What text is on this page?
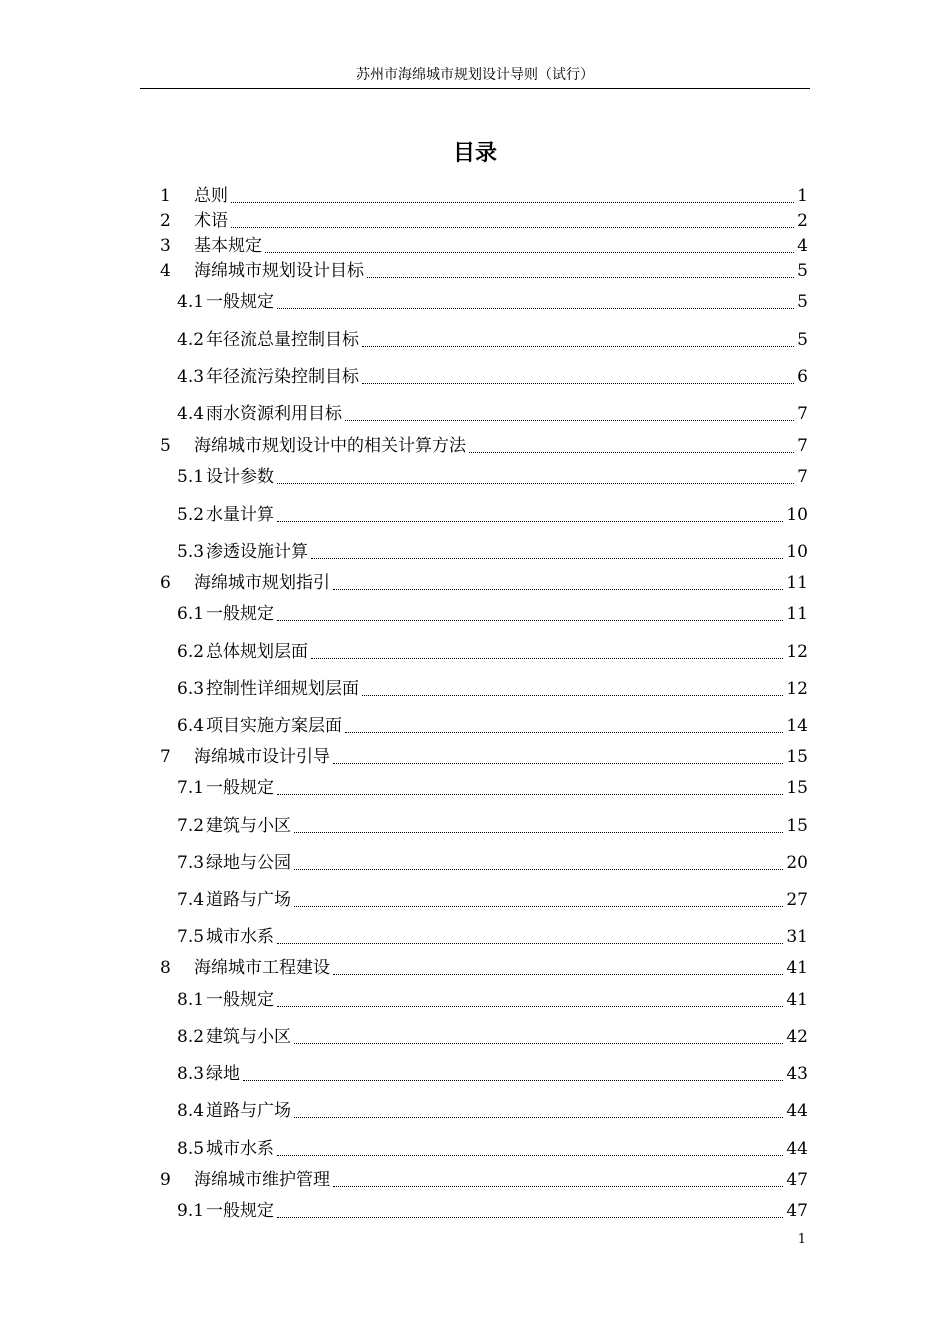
苏州市海绵城市规划设计导则（试行）
目录
1	总则	1
2	术语	2
3	基本规定	4
4	海绵城市规划设计目标	5
4.1 一般规定	5
4.2 年径流总量控制目标	5
4.3 年径流污染控制目标	6
4.4 雨水资源利用目标	7
5	海绵城市规划设计中的相关计算方法	7
5.1 设计参数	7
5.2 水量计算	10
5.3 渗透设施计算	10
6	海绵城市规划指引	11
6.1 一般规定	11
6.2 总体规划层面	12
6.3 控制性详细规划层面	12
6.4 项目实施方案层面	14
7	海绵城市设计引导	15
7.1 一般规定	15
7.2 建筑与小区	15
7.3 绿地与公园	20
7.4 道路与广场	27
7.5 城市水系	31
8	海绵城市工程建设	41
8.1 一般规定	41
8.2 建筑与小区	42
8.3 绿地	43
8.4 道路与广场	44
8.5 城市水系	44
9	海绵城市维护管理	47
9.1 一般规定	47
1
